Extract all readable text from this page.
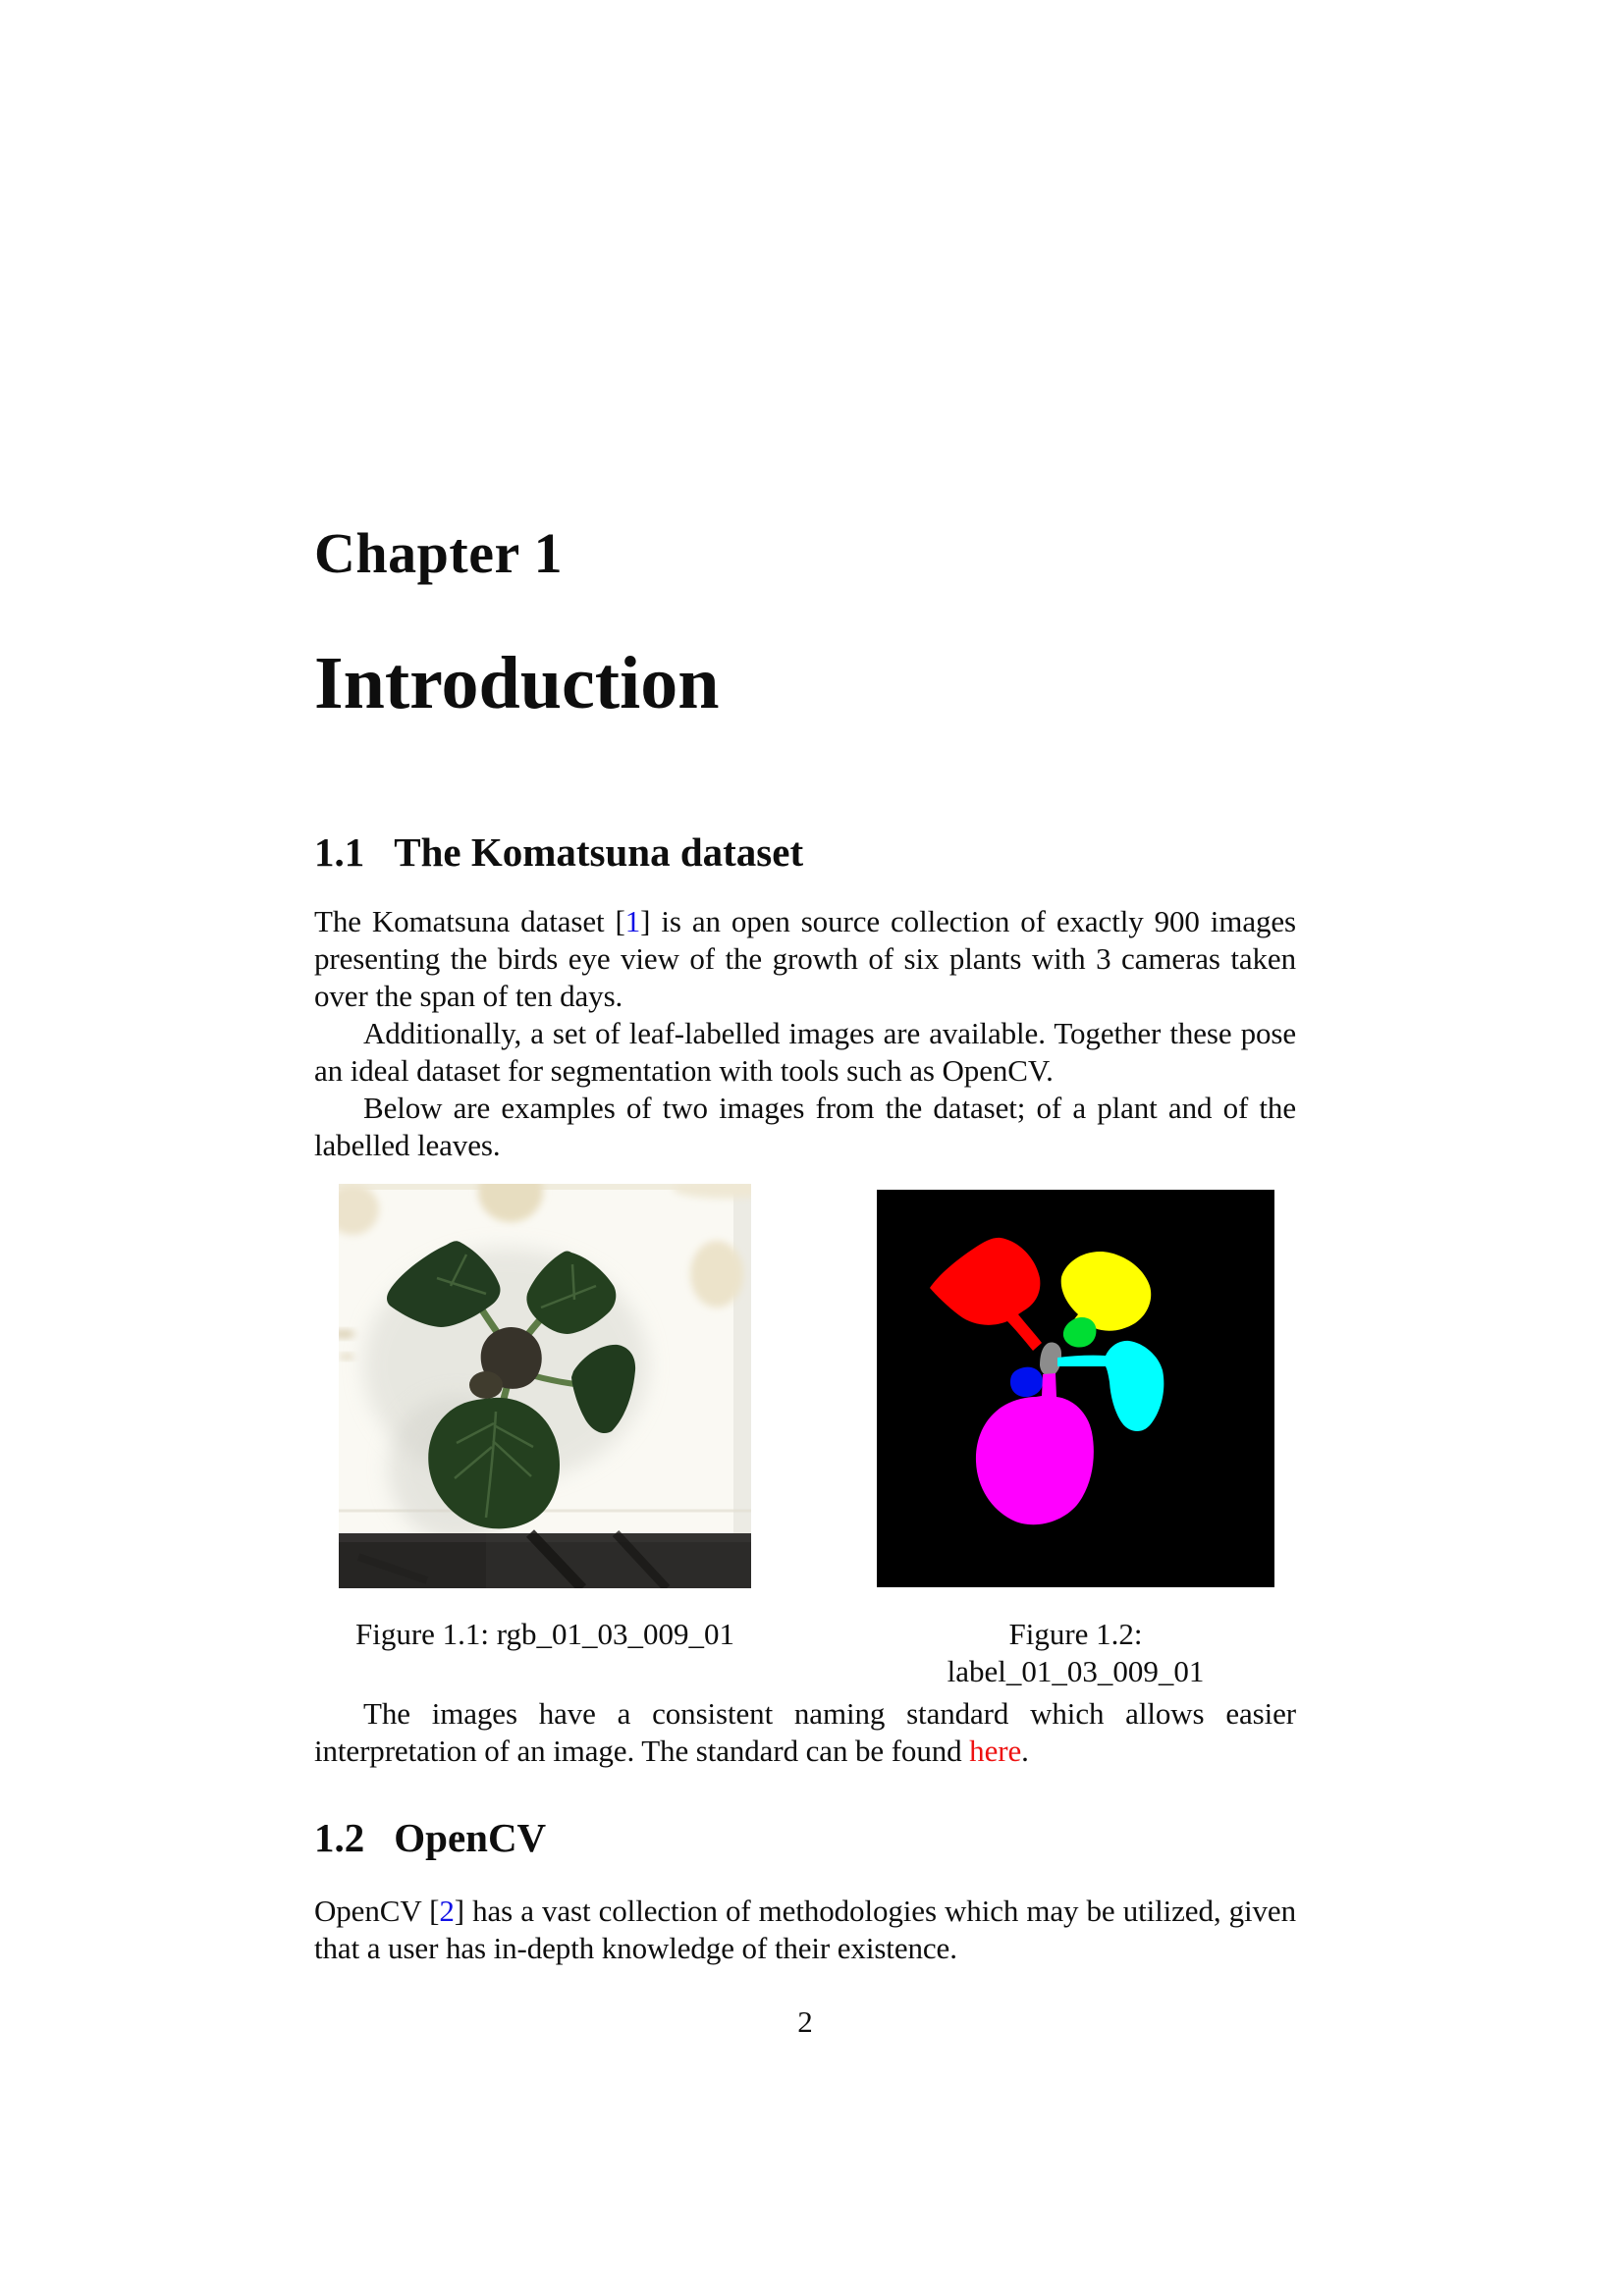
Chapter 1
Introduction
1.1 The Komatsuna dataset

The Komatsuna dataset [1] is an open source collection of exactly 900 images presenting the birds eye view of the growth of six plants with 3 cameras taken over the span of ten days.

Additionally, a set of leaf-labelled images are available. Together these pose an ideal dataset for segmentation with tools such as OpenCV.

Below are examples of two images from the dataset; of a plant and of the labelled leaves.

Figure 1.1: rgb_01_03_009_01	Figure 1.2: label_01_03_009_01

The images have a consistent naming standard which allows easier interpretation of an image. The standard can be found here.

1.2 OpenCV

OpenCV [2] has a vast collection of methodologies which may be utilized, given that a user has in-depth knowledge of their existence.

2
